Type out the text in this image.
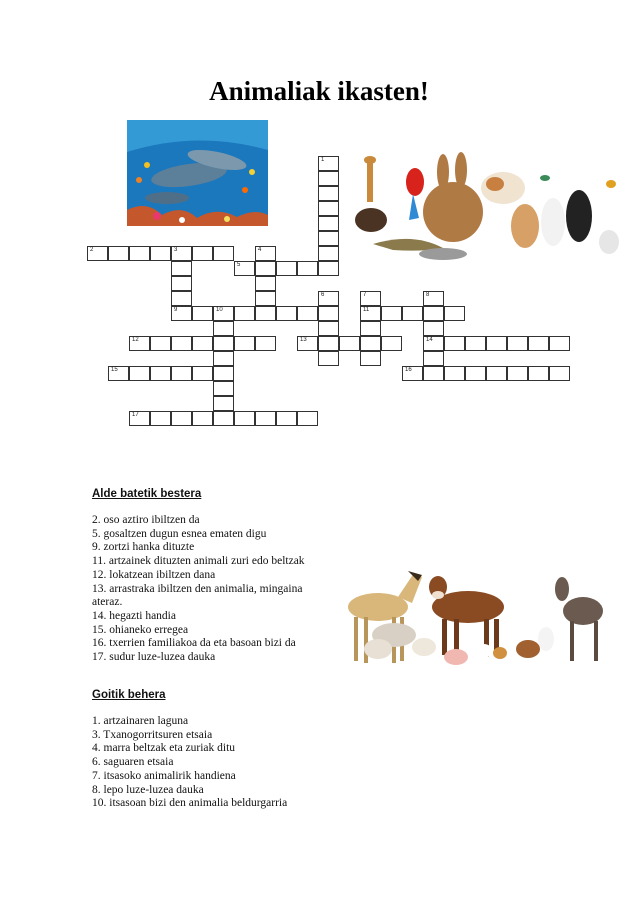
Animaliak ikasten!
1
3
9
4
6	7
11
8
14
10
2
5
12	13
15	16
17
Alde batetik bestera
2. oso aztiro ibiltzen da
5. gosaltzen dugun esnea ematen digu
9. zortzi hanka dituzte
11. artzainek dituzten animali zuri edo beltzak
12. lokatzean ibiltzen dana
13. arrastraka ibiltzen den animalia, mingaina ateraz.
14. hegazti handia
15. ohianeko erregea
16. txerrien familiakoa da eta basoan bizi da
17. sudur luze-luzea dauka
Goitik behera
1. artzainaren laguna
3. Txanogorritsuren etsaia
4. marra beltzak eta zuriak ditu
6. saguaren etsaia
7. itsasoko animalirik handiena
8. lepo luze-luzea dauka
10. itsasoan bizi den animalia beldurgarria
